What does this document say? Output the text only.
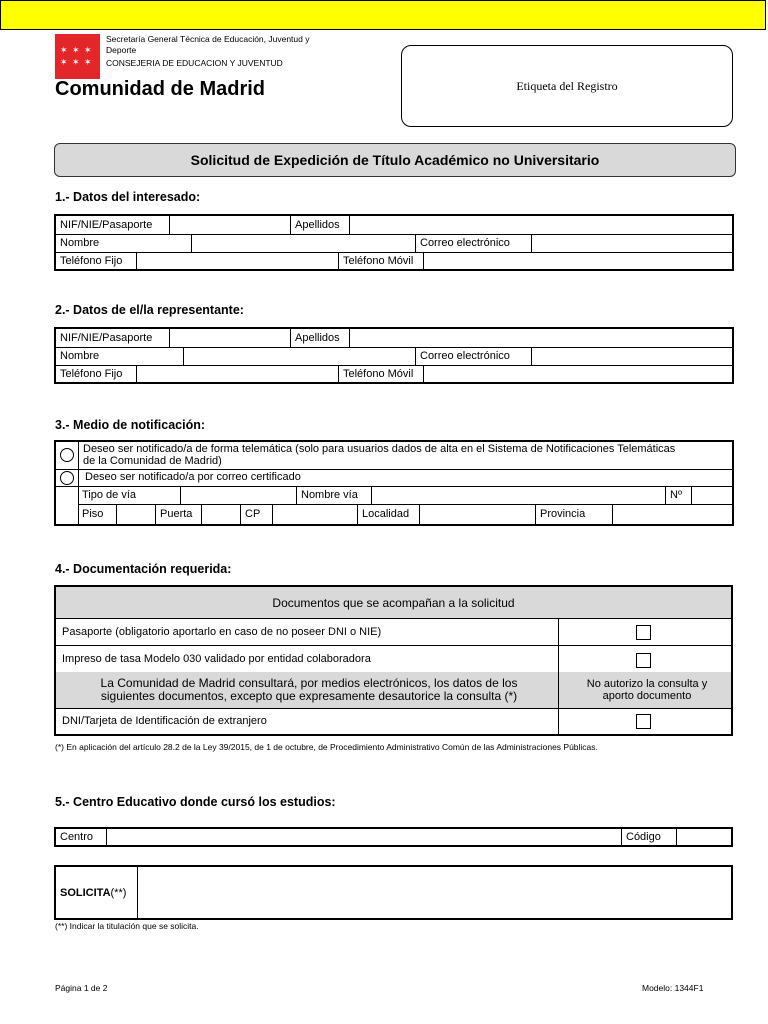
✶ ✶ ✶
✶ ✶ ✶
Secretaría General Técnica de Educación, Juventud y
Deporte
CONSEJERIA DE EDUCACION Y JUVENTUD
Comunidad de Madrid	Etiqueta del Registro
Solicitud de Expedición de Título Académico no Universitario
1.- Datos del interesado:
NIF/NIE/Pasaporte	Apellidos
Nombre	Correo electrónico
Teléfono Fijo	Teléfono Móvil
2.- Datos de el/la representante:
NIF/NIE/Pasaporte	Apellidos
Nombre	Correo electrónico
Teléfono Fijo	Teléfono Móvil
3.- Medio de notificación:
Deseo ser notificado/a de forma telemática (solo para usuarios dados de alta en el Sistema de Notificaciones Telemáticas
de la Comunidad de Madrid)
Deseo ser notificado/a por correo certificado
Tipo de vía	Nombre vía	Nº
Piso	Puerta	CP	Localidad	Provincia
4.- Documentación requerida:
Documentos que se acompañan a la solicitud
Pasaporte (obligatorio aportarlo en caso de no poseer DNI o NIE)
Impreso de tasa Modelo 030 validado por entidad colaboradora
La Comunidad de Madrid consultará, por medios electrónicos, los datos de los
siguientes documentos, excepto que expresamente desautorice la consulta (*)
No autorizo la consulta y
aporto documento
DNI/Tarjeta de Identificación de extranjero
(*) En aplicación del artículo 28.2 de la Ley 39/2015, de 1 de octubre, de Procedimiento Administrativo Común de las Administraciones Públicas.
5.- Centro Educativo donde cursó los estudios:
Centro	Código
SOLICITA (**)
(**) Indicar la titulación que se solicita.
Página 1 de 2	Modelo: 1344F1
